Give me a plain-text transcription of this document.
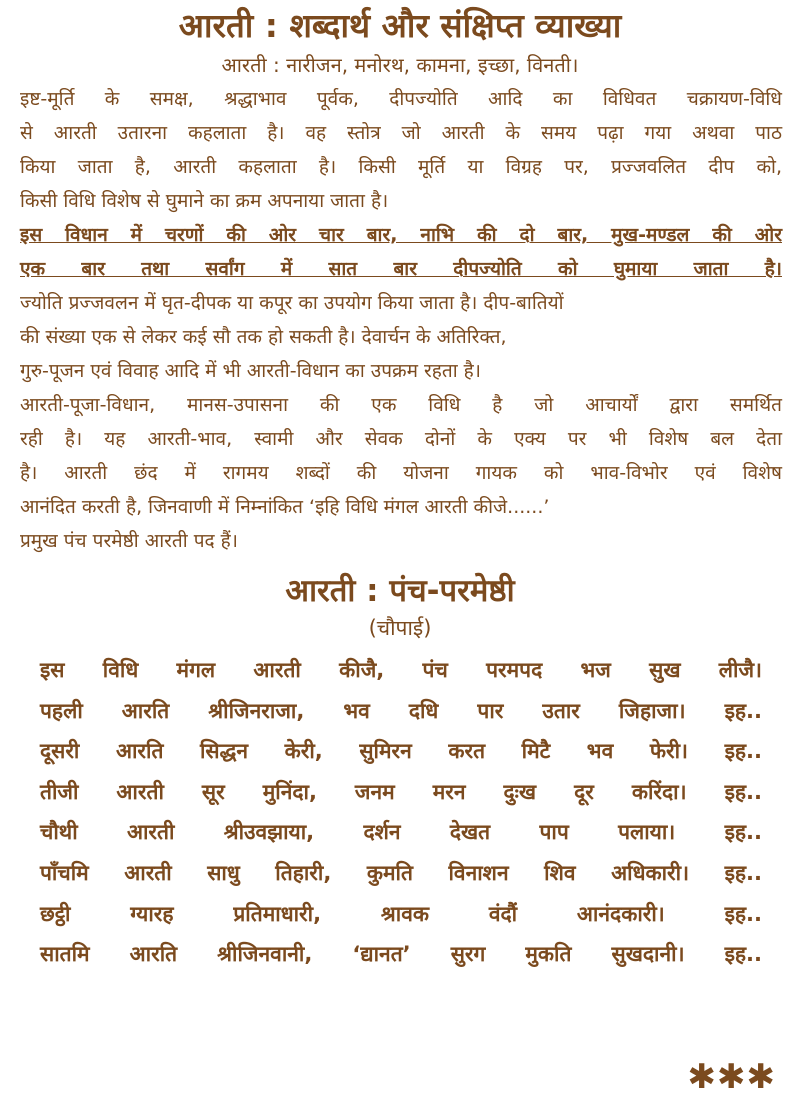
आरती : शब्दार्थ और संक्षिप्त व्याख्या
आरती : नारीजन, मनोरथ, कामना, इच्छा, विनती।

इष्ट-मूर्ति के समक्ष, श्रद्धाभाव पूर्वक, दीपज्योति आदि का विधिवत चक्रायण-विधि

से आरती उतारना कहलाता है। वह स्तोत्र जो आरती के समय पढ़ा गया अथवा पाठ

किया जाता है, आरती कहलाता है। किसी मूर्ति या विग्रह पर, प्रज्जवलित दीप को,

किसी विधि विशेष से घुमाने का क्रम अपनाया जाता है।

इस विधान में चरणों की ओर चार बार, नाभि की दो बार, मुख-मण्डल की ओर

एक बार तथा सर्वांग में सात बार दीपज्योति को घुमाया जाता है।

ज्योति प्रज्जवलन में घृत-दीपक या कपूर का उपयोग किया जाता है। दीप-बातियों

की संख्या एक से लेकर कई सौ तक हो सकती है। देवार्चन के अतिरिक्त,

गुरु-पूजन एवं विवाह आदि में भी आरती-विधान का उपक्रम रहता है।

आरती-पूजा-विधान, मानस-उपासना की एक विधि है जो आचार्यों द्वारा समर्थित

रही है। यह आरती-भाव, स्वामी और सेवक दोनों के एक्य पर भी विशेष बल देता

है। आरती छंद में रागमय शब्दों की योजना गायक को भाव-विभोर एवं विशेष

आनंदित करती है, जिनवाणी में निम्नांकित ‘इहि विधि मंगल आरती कीजे......’

प्रमुख पंच परमेष्ठी आरती पद हैं।

आरती : पंच-परमेष्ठी
(चौपाई)
इस विधि मंगल आरती कीजै, पंच परमपद भज सुख लीजै।
पहली आरति श्रीजिनराजा, भव दधि पार उतार जिहाजा। इह..
दूसरी आरति सिद्धन केरी, सुमिरन करत मिटै भव फेरी। इह..
तीजी आरती सूर मुनिंदा, जनम मरन दुःख दूर करिंदा। इह..
चौथी आरती श्रीउवझाया, दर्शन देखत पाप पलाया। इह..
पाँचमि आरती साधु तिहारी, कुमति विनाशन शिव अधिकारी। इह..
छट्ठी ग्यारह प्रतिमाधारी, श्रावक वंदौं आनंदकारी। इह..
सातमि आरति श्रीजिनवानी, ‘द्यानत’ सुरग मुकति सुखदानी। इह..
✱✱✱
